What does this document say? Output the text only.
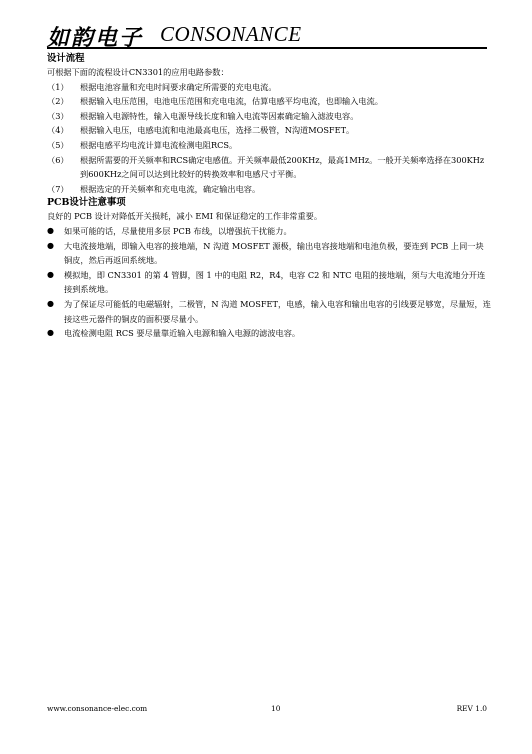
如韵电子 CONSONANCE
设计流程

可根据下面的流程设计CN3301的应用电路参数：

（1）	根据电池容量和充电时间要求确定所需要的充电电流。
（2）	根据输入电压范围，电池电压范围和充电电流，估算电感平均电流，也即输入电流。
（3）	根据输入电源特性，输入电源导线长度和输入电流等因素确定输入滤波电容。
（4）	根据输入电压，电感电流和电池最高电压，选择二极管，N沟道MOSFET。
（5）	根据电感平均电流计算电流检测电阻RCS。
（6）	根据所需要的开关频率和RCS确定电感值。开关频率最低200KHz，最高1MHz。一般开关频率选择在300KHz到600KHz之间可以达到比较好的转换效率和电感尺寸平衡。
（7）	根据选定的开关频率和充电电流，确定输出电容。
PCB设计注意事项

良好的 PCB 设计对降低开关损耗，减小 EMI 和保证稳定的工作非常重要。

●	如果可能的话，尽量使用多层 PCB 布线，以增强抗干扰能力。
●	大电流接地端，即输入电容的接地端，N 沟道 MOSFET 源极，输出电容接地端和电池负极，要连到 PCB 上同一块铜皮，然后再返回系统地。
●	模拟地，即 CN3301 的第 4 管脚，图 1 中的电阻 R2，R4，电容 C2 和 NTC 电阻的接地端，须与大电流地分开连接到系统地。
●	为了保证尽可能低的电磁辐射，二极管，N 沟道 MOSFET，电感，输入电容和输出电容的引线要足够宽，尽量短，连接这些元器件的铜皮的面积要尽量小。
●	电流检测电阻 RCS 要尽量靠近输入电源和输入电源的滤波电容。
www.consonance-elec.com	10	REV 1.0
